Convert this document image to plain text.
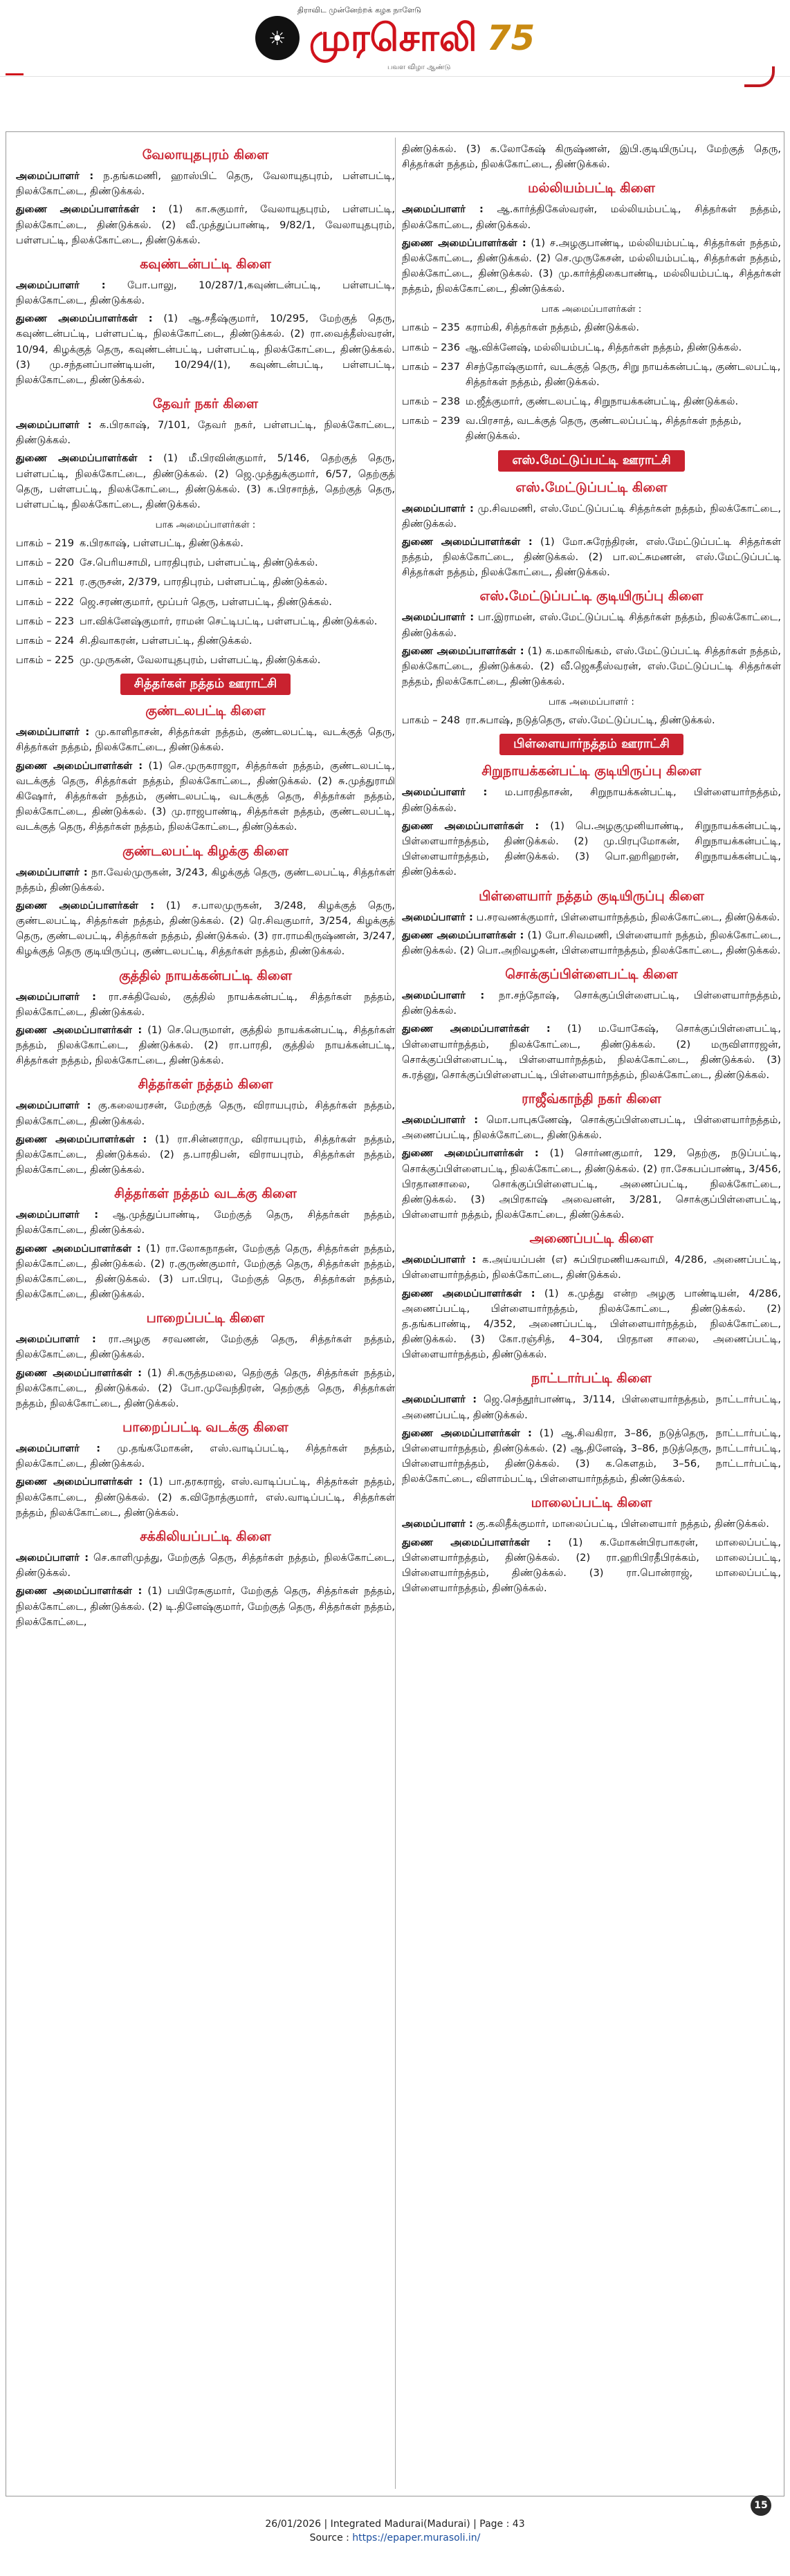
திராவிட முன்னேற்றக் கழக நாளேடு
☀ முரசொலி 75
பவள விழா ஆண்டு
வேலாயுதபுரம் கிளை

அமைப்பாளர் : ந.தங்கமணி, ஹாஸ்பிட் தெரு, வேலாயுதபுரம், பள்ளபட்டி, நிலக்கோட்டை, திண்டுக்கல்.

துணை அமைப்பாளர்கள் : (1) கா.சுகுமார், வேலாயுதபுரம், பள்ளபட்டி, நிலக்கோட்டை, திண்டுக்கல். (2) வீ.முத்துப்பாண்டி, 9/82/1, வேலாயுதபுரம், பள்ளபட்டி, நிலக்கோட்டை, திண்டுக்கல்.

கவுண்டன்பட்டி கிளை

அமைப்பாளர் : போ.பாலு, 10/287/1,கவுண்டன்பட்டி, பள்ளபட்டி, நிலக்கோட்டை, திண்டுக்கல்.

துணை அமைப்பாளர்கள் : (1) ஆ.சதீஷ்குமார், 10/295, மேற்குத் தெரு, கவுண்டன்பட்டி, பள்ளபட்டி, நிலக்கோட்டை, திண்டுக்கல். (2) ரா.வைத்தீஸ்வரன், 10/94, கிழக்குத் தெரு, கவுண்டன்பட்டி, பள்ளபட்டி, நிலக்கோட்டை, திண்டுக்கல். (3) மு.சந்தனப்பாண்டியன், 10/294/(1), கவுண்டன்பட்டி, பள்ளபட்டி, நிலக்கோட்டை, திண்டுக்கல்.

தேவர் நகர் கிளை

அமைப்பாளர் : க.பிரகாஷ், 7/101, தேவர் நகர், பள்ளபட்டி, நிலக்கோட்டை, திண்டுக்கல்.

துணை அமைப்பாளர்கள் : (1) மீ.பிரவின்குமார், 5/146, தெற்குத் தெரு, பள்ளபட்டி, நிலக்கோட்டை, திண்டுக்கல். (2) ஜெ.முத்துக்குமார், 6/57, தெற்குத் தெரு, பள்ளபட்டி, நிலக்கோட்டை, திண்டுக்கல். (3) க.பிரசாந்த், தெற்குத் தெரு, பள்ளபட்டி, நிலக்கோட்டை, திண்டுக்கல்.

பாக அமைப்பாளர்கள் :
பாகம் – 219 க.பிரகாஷ், பள்ளபட்டி, திண்டுக்கல்.
பாகம் – 220 சே.பெரியசாமி, பாரதிபுரம், பள்ளபட்டி, திண்டுக்கல்.
பாகம் – 221 ர.குருசன், 2/379, பாரதிபுரம், பள்ளபட்டி, திண்டுக்கல்.
பாகம் – 222 ஜெ.சரண்குமார், மூப்பர் தெரு, பள்ளபட்டி, திண்டுக்கல்.
பாகம் – 223 பா.விக்னேஷ்குமார், ராமன் செட்டிபட்டி, பள்ளபட்டி, திண்டுக்கல்.
பாகம் – 224 சி.திவாகரன், பள்ளபட்டி, திண்டுக்கல்.
பாகம் – 225 மு.முருகன், வேலாயுதபுரம், பள்ளபட்டி, திண்டுக்கல்.
சித்தர்கள் நத்தம் ஊராட்சி
குண்டலபட்டி கிளை

அமைப்பாளர் : மு.காளிதாசன், சித்தர்கள் நத்தம், குண்டலபட்டி, வடக்குத் தெரு, சித்தர்கள் நத்தம், நிலக்கோட்டை, திண்டுக்கல்.

துணை அமைப்பாளர்கள் : (1) செ.முருகராஜா, சித்தர்கள் நத்தம், குண்டலபட்டி, வடக்குத் தெரு, சித்தர்கள் நத்தம், நிலக்கோட்டை, திண்டுக்கல். (2) சு.முத்துராமி கிஷோர், சித்தர்கள் நத்தம், குண்டலபட்டி, வடக்குத் தெரு, சித்தர்கள் நத்தம், நிலக்கோட்டை, திண்டுக்கல். (3) மு.ராஜபாண்டி, சித்தர்கள் நத்தம், குண்டலபட்டி, வடக்குத் தெரு, சித்தர்கள் நத்தம், நிலக்கோட்டை, திண்டுக்கல்.

குண்டலபட்டி கிழக்கு கிளை

அமைப்பாளர் : நா.வேல்முருகன், 3/243, கிழக்குத் தெரு, குண்டலபட்டி, சித்தர்கள் நத்தம், திண்டுக்கல்.

துணை அமைப்பாளர்கள் : (1) ச.பாலமுருகன், 3/248, கிழக்குத் தெரு, குண்டலபட்டி, சித்தர்கள் நத்தம், திண்டுக்கல். (2) ரெ.சிவகுமார், 3/254, கிழக்குத் தெரு, குண்டலபட்டி, சித்தர்கள் நத்தம், திண்டுக்கல். (3) ரா.ராமகிருஷ்ணன், 3/247, கிழக்குத் தெரு குடியிருப்பு, குண்டலபட்டி, சித்தர்கள் நத்தம், திண்டுக்கல்.

குத்தில் நாயக்கன்பட்டி கிளை

அமைப்பாளர் : ரா.சக்திவேல், குத்தில் நாயக்கன்பட்டி, சித்தர்கள் நத்தம், நிலக்கோட்டை, திண்டுக்கல்.

துணை அமைப்பாளர்கள் : (1) செ.பெருமாள், குத்தில் நாயக்கன்பட்டி, சித்தர்கள் நத்தம், நிலக்கோட்டை, திண்டுக்கல். (2) ரா.பாரதி, குத்தில் நாயக்கன்பட்டி, சித்தர்கள் நத்தம், நிலக்கோட்டை, திண்டுக்கல்.

சித்தர்கள் நத்தம் கிளை

அமைப்பாளர் : கு.கலையரசன், மேற்குத் தெரு, விராயபுரம், சித்தர்கள் நத்தம், நிலக்கோட்டை, திண்டுக்கல்.

துணை அமைப்பாளர்கள் : (1) ரா.சின்னராமு, விராயபுரம், சித்தர்கள் நத்தம், நிலக்கோட்டை, திண்டுக்கல். (2) த.பாரதிபன், விராயபுரம், சித்தர்கள் நத்தம், நிலக்கோட்டை, திண்டுக்கல்.

சித்தர்கள் நத்தம் வடக்கு கிளை

அமைப்பாளர் : ஆ.முத்துப்பாண்டி, மேற்குத் தெரு, சித்தர்கள் நத்தம், நிலக்கோட்டை, திண்டுக்கல்.

துணை அமைப்பாளர்கள் : (1) ரா.லோகநாதன், மேற்குத் தெரு, சித்தர்கள் நத்தம், நிலக்கோட்டை, திண்டுக்கல். (2) ர.குருண்குமார், மேற்குத் தெரு, சித்தர்கள் நத்தம், நிலக்கோட்டை, திண்டுக்கல். (3) பா.பிரபு, மேற்குத் தெரு, சித்தர்கள் நத்தம், நிலக்கோட்டை, திண்டுக்கல்.

பாறைப்பட்டி கிளை

அமைப்பாளர் : ரா.அழகு சரவணன், மேற்குத் தெரு, சித்தர்கள் நத்தம், நிலக்கோட்டை, திண்டுக்கல்.

துணை அமைப்பாளர்கள் : (1) சி.கருத்தமலை, தெற்குத் தெரு, சித்தர்கள் நத்தம், நிலக்கோட்டை, திண்டுக்கல். (2) போ.முவேந்திரன், தெற்குத் தெரு, சித்தர்கள் நத்தம், நிலக்கோட்டை, திண்டுக்கல்.

பாறைப்பட்டி வடக்கு கிளை

அமைப்பாளர் : மு.தங்கமோகன், எஸ்.வாடிப்பட்டி, சித்தர்கள் நத்தம், நிலக்கோட்டை, திண்டுக்கல்.

துணை அமைப்பாளர்கள் : (1) பா.தரகராஜ், எஸ்.வாடிப்பட்டி, சித்தர்கள் நத்தம், நிலக்கோட்டை, திண்டுக்கல். (2) க.விநோத்குமார், எஸ்.வாடிப்பட்டி, சித்தர்கள் நத்தம், நிலக்கோட்டை, திண்டுக்கல்.

சக்கிலியப்பட்டி கிளை

அமைப்பாளர் : செ.காளிமுத்து, மேற்குத் தெரு, சித்தர்கள் நத்தம், நிலக்கோட்டை, திண்டுக்கல்.

துணை அமைப்பாளர்கள் : (1) பயிரேசுகுமார், மேற்குத் தெரு, சித்தர்கள் நத்தம், நிலக்கோட்டை, திண்டுக்கல். (2) டி.தினேஷ்குமார், மேற்குத் தெரு, சித்தர்கள் நத்தம், நிலக்கோட்டை,

திண்டுக்கல். (3) க.லோகேஷ் கிருஷ்ணன், இபி.குடியிருப்பு, மேற்குத் தெரு, சித்தர்கள் நத்தம், நிலக்கோட்டை, திண்டுக்கல்.

மல்லியம்பட்டி கிளை

அமைப்பாளர் : ஆ.கார்த்திகேஸ்வரன், மல்லியம்பட்டி, சித்தர்கள் நத்தம், நிலக்கோட்டை, திண்டுக்கல்.

துணை அமைப்பாளர்கள் : (1) ச.அழகுபாண்டி, மல்லியம்பட்டி, சித்தர்கள் நத்தம், நிலக்கோட்டை, திண்டுக்கல். (2) செ.முருகேசன், மல்லியம்பட்டி, சித்தர்கள் நத்தம், நிலக்கோட்டை, திண்டுக்கல். (3) மு.கார்த்திகைபாண்டி, மல்லியம்பட்டி, சித்தர்கள் நத்தம், நிலக்கோட்டை, திண்டுக்கல்.

பாக அமைப்பாளர்கள் :
பாகம் – 235 கராம்கி, சித்தர்கள் நத்தம், திண்டுக்கல்.
பாகம் – 236 ஆ.விக்னேஷ், மல்லியம்பட்டி, சித்தர்கள் நத்தம், திண்டுக்கல்.
பாகம் – 237 சிசந்தோஷ்குமார், வடக்குத் தெரு, சிறு நாயக்கன்பட்டி, குண்டலபட்டி, சித்தர்கள் நத்தம், திண்டுக்கல்.
பாகம் – 238 ம.ஜீத்குமார், குண்டலபட்டி, சிறுநாயக்கன்பட்டி, திண்டுக்கல்.
பாகம் – 239 வ.பிரசாத், வடக்குத் தெரு, குண்டலப்பட்டி, சித்தர்கள் நத்தம், திண்டுக்கல்.
எஸ்.மேட்டுப்பட்டி ஊராட்சி
எஸ்.மேட்டுப்பட்டி கிளை

அமைப்பாளர் : மு.சிவமணி, எஸ்.மேட்டுப்பட்டி சித்தர்கள் நத்தம், நிலக்கோட்டை, திண்டுக்கல்.

துணை அமைப்பாளர்கள் : (1) மோ.சுரேந்திரன், எஸ்.மேட்டுப்பட்டி சித்தர்கள் நத்தம், நிலக்கோட்டை, திண்டுக்கல். (2) பா.லட்சுமணன், எஸ்.மேட்டுப்பட்டி சித்தர்கள் நத்தம், நிலக்கோட்டை, திண்டுக்கல்.

எஸ்.மேட்டுப்பட்டி குடியிருப்பு கிளை

அமைப்பாளர் : பா.இராமன், எஸ்.மேட்டுப்பட்டி சித்தர்கள் நத்தம், நிலக்கோட்டை, திண்டுக்கல்.

துணை அமைப்பாளர்கள் : (1) க.மகாலிங்கம், எஸ்.மேட்டுப்பட்டி சித்தர்கள் நத்தம், நிலக்கோட்டை, திண்டுக்கல். (2) வீ.ஜெகதீஸ்வரன், எஸ்.மேட்டுப்பட்டி சித்தர்கள் நத்தம், நிலக்கோட்டை, திண்டுக்கல்.

பாக அமைப்பாளர் :
பாகம் – 248 ரா.சுபாஷ், நடுத்தெரு, எஸ்.மேட்டுப்பட்டி, திண்டுக்கல்.
பிள்ளையார்நத்தம் ஊராட்சி
சிறுநாயக்கன்பட்டி குடியிருப்பு கிளை

அமைப்பாளர் : ம.பாரதிதாசன், சிறுநாயக்கன்பட்டி, பிள்ளையார்நத்தம், திண்டுக்கல்.

துணை அமைப்பாளர்கள் : (1) பெ.அழகுமுனியாண்டி, சிறுநாயக்கன்பட்டி, பிள்ளையார்நத்தம், திண்டுக்கல். (2) மு.பிரபுமோகன், சிறுநாயக்கன்பட்டி, பிள்ளையார்நத்தம், திண்டுக்கல். (3) பொ.ஹரிஹரன், சிறுநாயக்கன்பட்டி, திண்டுக்கல்.

பிள்ளையார் நத்தம் குடியிருப்பு கிளை

அமைப்பாளர் : ப.சரவணக்குமார், பிள்ளையார்நத்தம், நிலக்கோட்டை, திண்டுக்கல்.

துணை அமைப்பாளர்கள் : (1) போ.சிவமணி, பிள்ளையார் நத்தம், நிலக்கோட்டை, திண்டுக்கல். (2) பொ.அறிவழகன், பிள்ளையார்நத்தம், நிலக்கோட்டை, திண்டுக்கல்.

சொக்குப்பிள்ளைபட்டி கிளை

அமைப்பாளர் : நா.சந்தோஷ், சொக்குப்பிள்ளைபட்டி, பிள்ளையார்நத்தம், திண்டுக்கல்.

துணை அமைப்பாளர்கள் : (1) ம.யோகேஷ், சொக்குப்பிள்ளைபட்டி, பிள்ளையார்நத்தம், நிலக்கோட்டை, திண்டுக்கல். (2) மருவிளாரஜன், சொக்குப்பிள்ளைபட்டி, பிள்ளையார்நத்தம், நிலக்கோட்டை, திண்டுக்கல். (3) சு.ரத்னு, சொக்குப்பிள்ளைபட்டி, பிள்ளையார்நத்தம், நிலக்கோட்டை, திண்டுக்கல்.

ராஜீவ்காந்தி நகர் கிளை

அமைப்பாளர் : மொ.பாபுகணேஷ், சொக்குப்பிள்ளைபட்டி, பிள்ளையார்நத்தம், அணைப்பட்டி, நிலக்கோட்டை, திண்டுக்கல்.

துணை அமைப்பாளர்கள் : (1) சொர்ணகுமார், 129, தெற்கு, நடுப்பட்டி, சொக்குப்பிள்ளைபட்டி, நிலக்கோட்டை, திண்டுக்கல். (2) ரா.சேகபப்பாண்டி, 3/456, பிரதானசாலை, சொக்குப்பிள்ளைபட்டி, அணைப்பட்டி, நிலக்கோட்டை, திண்டுக்கல். (3) அபிரகாஷ் அவைனன், 3/281, சொக்குப்பிள்ளைபட்டி, பிள்ளையார் நத்தம், நிலக்கோட்டை, திண்டுக்கல்.

அணைப்பட்டி கிளை

அமைப்பாளர் : க.அய்யப்பன் (எ) சுப்பிரமணியசுவாமி, 4/286, அணைப்பட்டி, பிள்ளையார்நத்தம், நிலக்கோட்டை, திண்டுக்கல்.

துணை அமைப்பாளர்கள் : (1) க.முத்து என்ற அழகு பாண்டியன், 4/286, அணைப்பட்டி, பிள்ளையார்நத்தம், நிலக்கோட்டை, திண்டுக்கல். (2) த.தங்கபாண்டி, 4/352, அணைப்பட்டி, பிள்ளையார்நத்தம், நிலக்கோட்டை, திண்டுக்கல். (3) கோ.ரஞ்சித், 4–304, பிரதான சாலை, அணைப்பட்டி, பிள்ளையார்நத்தம், திண்டுக்கல்.

நாட்டார்பட்டி கிளை

அமைப்பாளர் : ஜெ.செந்தூர்பாண்டி, 3/114, பிள்ளையார்நத்தம், நாட்டார்பட்டி, அணைப்பட்டி, திண்டுக்கல்.

துணை அமைப்பாளர்கள் : (1) ஆ.சிவகிரா, 3–86, நடுத்தெரு, நாட்டார்பட்டி, பிள்ளையார்நத்தம், திண்டுக்கல். (2) ஆ.தினேஷ், 3–86, நடுத்தெரு, நாட்டார்பட்டி, பிள்ளையார்நத்தம், திண்டுக்கல். (3) க.கௌதம், 3–56, நாட்டார்பட்டி, நிலக்கோட்டை, விளாம்பட்டி, பிள்ளையார்நத்தம், திண்டுக்கல்.

மாலைப்பட்டி கிளை

அமைப்பாளர் : கு.கலிதீக்குமார், மாலைப்பட்டி, பிள்ளையார் நத்தம், திண்டுக்கல்.

துணை அமைப்பாளர்கள் : (1) க.மோகன்பிரபாகரன், மாலைப்பட்டி, பிள்ளையார்நத்தம், திண்டுக்கல். (2) ரா.ஹரிபிரதீபிரக்கம், மாலைப்பட்டி, பிள்ளையார்நத்தம், திண்டுக்கல். (3) ரா.பொன்ராஜ், மாலைப்பட்டி, பிள்ளையார்நத்தம், திண்டுக்கல்.

15
26/01/2026 | Integrated Madurai(Madurai) | Page : 43
Source : https://epaper.murasoli.in/
